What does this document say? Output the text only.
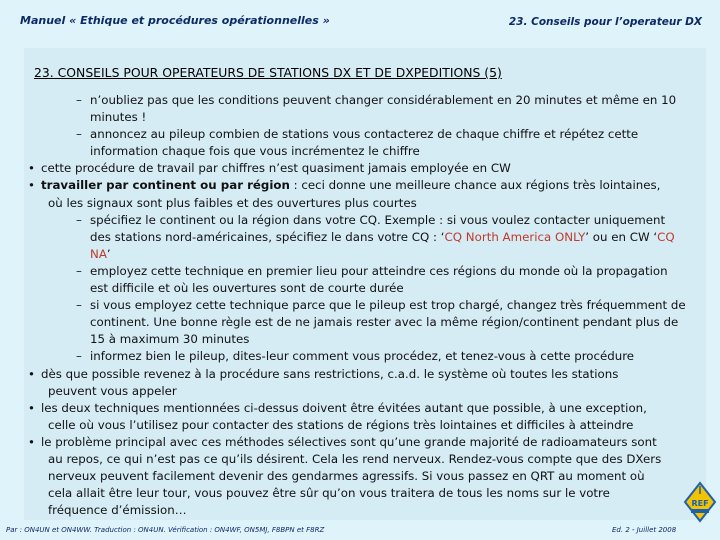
Manuel « Ethique et procédures opérationnelles »	23. Conseils pour l’operateur DX
23. CONSEILS POUR OPERATEURS DE STATIONS DX ET DE DXPEDITIONS (5)
– n’oubliez pas que les conditions peuvent changer considérablement en 20 minutes et même en 10
minutes !
– annoncez au pileup combien de stations vous contacterez de chaque chiffre et répétez cette
information chaque fois que vous incrémentez le chiffre
• cette procédure de travail par chiffres n’est quasiment jamais employée en CW
• travailler par continent ou par région : ceci donne une meilleure chance aux régions très lointaines,
où les signaux sont plus faibles et des ouvertures plus courtes
– spécifiez le continent ou la région dans votre CQ. Exemple : si vous voulez contacter uniquement
des stations nord-américaines, spécifiez le dans votre CQ : ‘CQ North America ONLY’ ou en CW ‘CQ
NA’
– employez cette technique en premier lieu pour atteindre ces régions du monde où la propagation
est difficile et où les ouvertures sont de courte durée
– si vous employez cette technique parce que le pileup est trop chargé, changez très fréquemment de
continent. Une bonne règle est de ne jamais rester avec la même région/continent pendant plus de
15 à maximum 30 minutes
– informez bien le pileup, dites-leur comment vous procédez, et tenez-vous à cette procédure
• dès que possible revenez à la procédure sans restrictions, c.a.d. le système où toutes les stations
peuvent vous appeler
• les deux techniques mentionnées ci-dessus doivent être évitées autant que possible, à une exception,
celle où vous l’utilisez pour contacter des stations de régions très lointaines et difficiles à atteindre
• le problème principal avec ces méthodes sélectives sont qu’une grande majorité de radioamateurs sont
au repos, ce qui n’est pas ce qu’ils désirent. Cela les rend nerveux. Rendez-vous compte que des DXers
nerveux peuvent facilement devenir des gendarmes agressifs. Si vous passez en QRT au moment où
cela allait être leur tour, vous pouvez être sûr qu’on vous traitera de tous les noms sur le votre
fréquence d’émission…
Par : ON4UN et ON4WW. Traduction : ON4UN. Vérification : ON4WF, ON5MJ, F8BPN et F8RZ	Ed. 2 - Juillet 2008
REF
